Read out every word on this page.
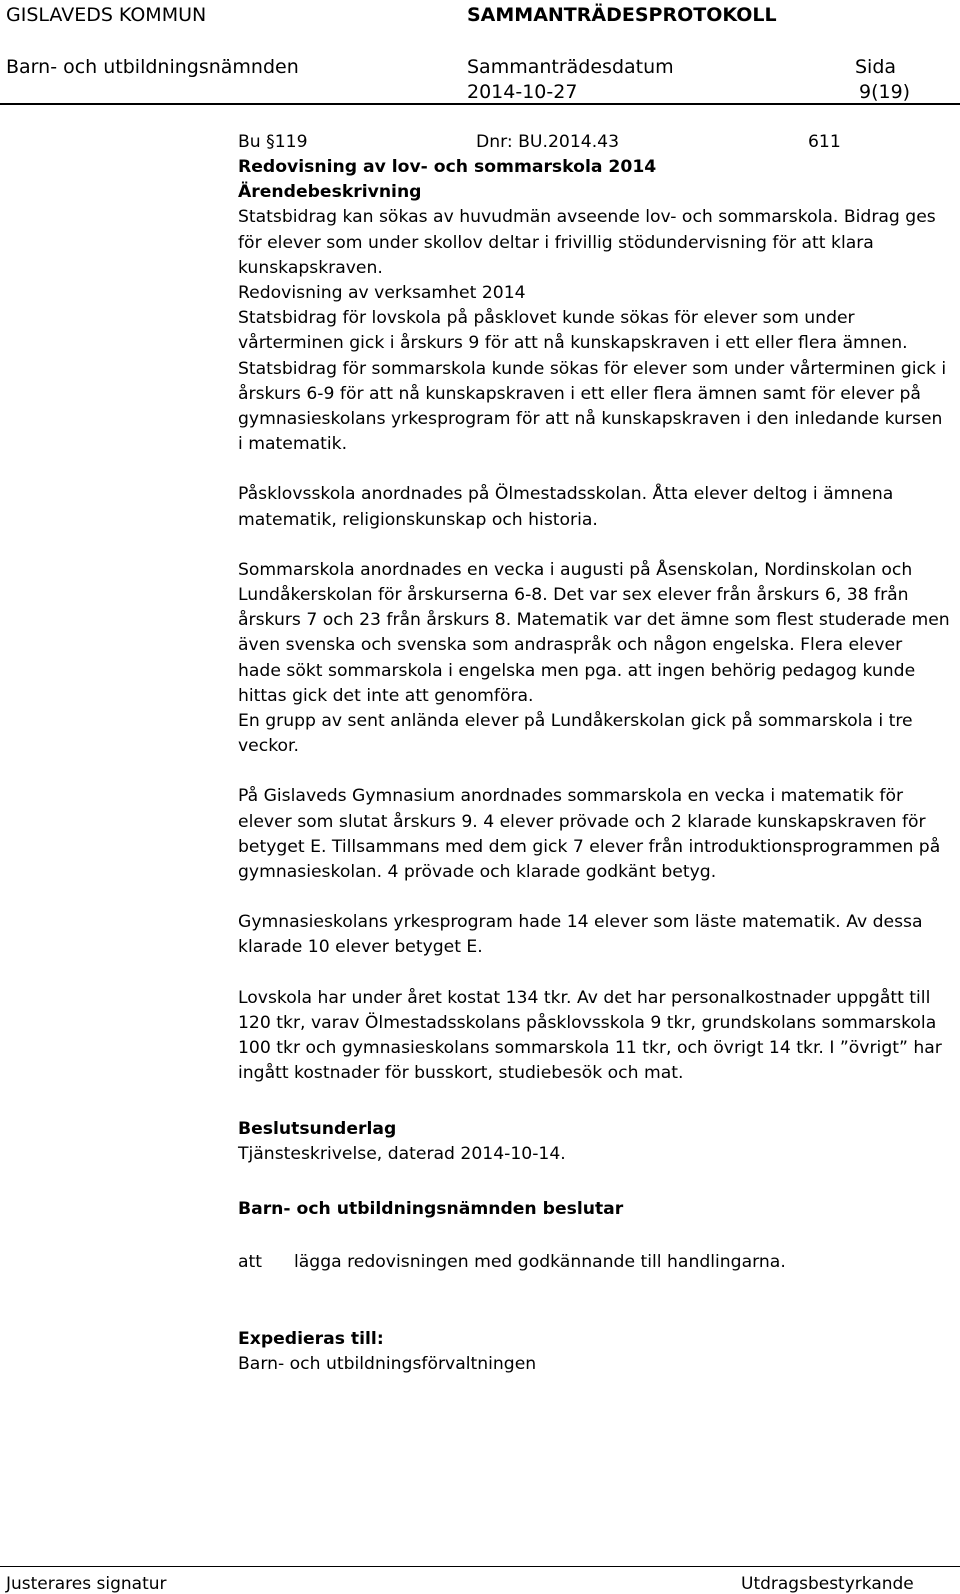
GISLAVEDS KOMMUN	SAMMANTRÄDESPROTOKOLL
Barn- och utbildningsnämnden	Sammanträdesdatum	Sida
2014-10-27	9(19)
Bu §119	Dnr: BU.2014.43	611

Redovisning av lov- och sommarskola 2014

Ärendebeskrivning

Statsbidrag kan sökas av huvudmän avseende lov- och sommarskola. Bidrag ges för elever som under skollov deltar i frivillig stödundervisning för att klara kunskapskraven.

Redovisning av verksamhet 2014

Statsbidrag för lovskola på påsklovet kunde sökas för elever som under vårterminen gick i årskurs 9 för att nå kunskapskraven i ett eller flera ämnen. Statsbidrag för sommarskola kunde sökas för elever som under vårterminen gick i årskurs 6-9 för att nå kunskapskraven i ett eller flera ämnen samt för elever på gymnasieskolans yrkesprogram för att nå kunskapskraven i den inledande kursen i matematik.

Påsklovsskola anordnades på Ölmestadsskolan. Åtta elever deltog i ämnena matematik, religionskunskap och historia.

Sommarskola anordnades en vecka i augusti på Åsenskolan, Nordinskolan och Lundåkerskolan för årskurserna 6-8. Det var sex elever från årskurs 6, 38 från årskurs 7 och 23 från årskurs 8. Matematik var det ämne som flest studerade men även svenska och svenska som andraspråk och någon engelska. Flera elever hade sökt sommarskola i engelska men pga. att ingen behörig pedagog kunde hittas gick det inte att genomföra.

En grupp av sent anlända elever på Lundåkerskolan gick på sommarskola i tre veckor.

På Gislaveds Gymnasium anordnades sommarskola en vecka i matematik för elever som slutat årskurs 9. 4 elever prövade och 2 klarade kunskapskraven för betyget E. Tillsammans med dem gick 7 elever från introduktionsprogrammen på gymnasieskolan. 4 prövade och klarade godkänt betyg.

Gymnasieskolans yrkesprogram hade 14 elever som läste matematik. Av dessa klarade 10 elever betyget E.

Lovskola har under året kostat 134 tkr. Av det har personalkostnader uppgått till 120 tkr, varav Ölmestadsskolans påsklovsskola 9 tkr, grundskolans sommarskola 100 tkr och gymnasieskolans sommarskola 11 tkr, och övrigt 14 tkr. I ”övrigt” har ingått kostnader för busskort, studiebesök och mat.

Beslutsunderlag

Tjänsteskrivelse, daterad 2014-10-14.

Barn- och utbildningsnämnden beslutar

att lägga redovisningen med godkännande till handlingarna.

Expedieras till:

Barn- och utbildningsförvaltningen

Justerares signatur	Utdragsbestyrkande
